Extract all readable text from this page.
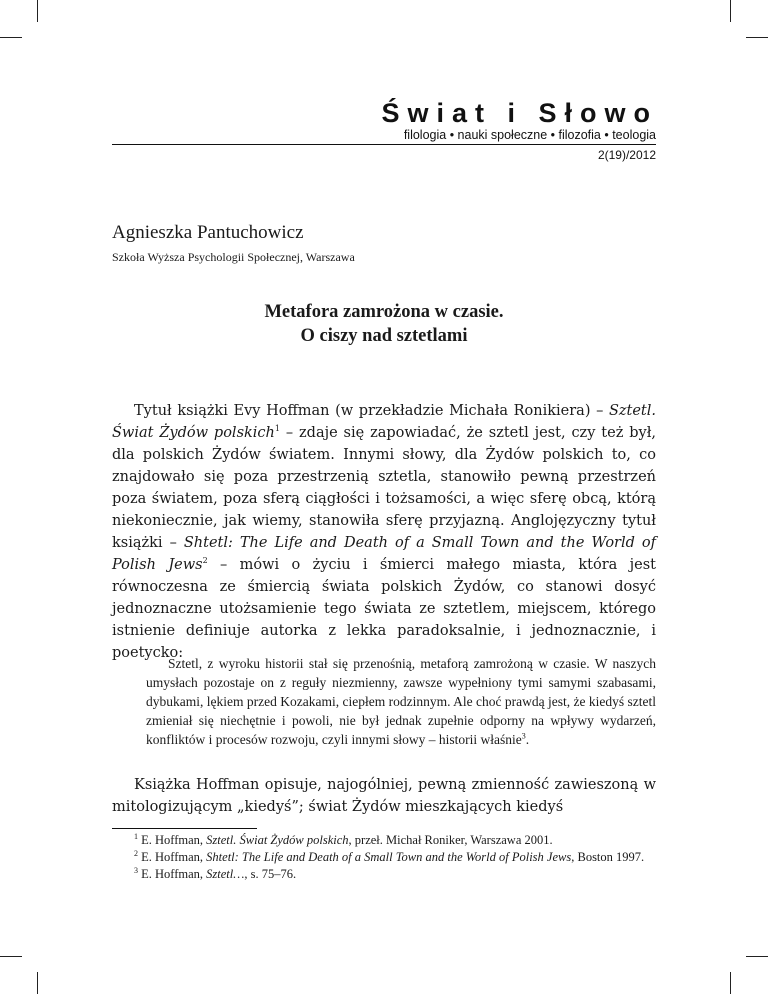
Świat i Słowo
filologia • nauki społeczne • filozofia • teologia
2(19)/2012
Agnieszka Pantuchowicz
Szkoła Wyższa Psychologii Społecznej, Warszawa
Metafora zamrożona w czasie.
O ciszy nad sztetlami

Tytuł książki Evy Hoffman (w przekładzie Michała Ronikiera) – Sztetl. Świat Żydów polskich$^1$ – zdaje się zapowiadać, że sztetl jest, czy też był, dla polskich Żydów światem. Innymi słowy, dla Żydów polskich to, co znajdowało się poza przestrzenią sztetla, stanowiło pewną przestrzeń poza światem, poza sferą ciągłości i tożsamości, a więc sferę obcą, którą niekoniecznie, jak wiemy, stanowiła sferę przyjazną. Anglojęzyczny tytuł książki – Shtetl: The Life and Death of a Small Town and the World of Polish Jews$^2$ – mówi o życiu i śmierci małego miasta, która jest równoczesna ze śmiercią świata polskich Żydów, co stanowi dosyć jednoznaczne utożsamienie tego świata ze sztetlem, miejscem, którego istnienie definiuje autorka z lekka paradoksalnie, i jednoznacznie, i poetycko:

Sztetl, z wyroku historii stał się przenośnią, metaforą zamrożoną w czasie. W naszych umysłach pozostaje on z reguły niezmienny, zawsze wypełniony tymi samymi szabasami, dybukami, lękiem przed Kozakami, ciepłem rodzinnym. Ale choć prawdą jest, że kiedyś sztetl zmieniał się niechętnie i powoli, nie był jednak zupełnie odporny na wpływy wydarzeń, konfliktów i procesów rozwoju, czyli innymi słowy – historii właśnie$^3$.

Książka Hoffman opisuje, najogólniej, pewną zmienność zawieszoną w mitologizującym „kiedyś”; świat Żydów mieszkających kiedyś

$^1$ E. Hoffman, Sztetl. Świat Żydów polskich, przeł. Michał Roniker, Warszawa 2001.

$^2$ E. Hoffman, Shtetl: The Life and Death of a Small Town and the World of Polish Jews, Boston 1997.

$^3$ E. Hoffman, Sztetl…, s. 75–76.
